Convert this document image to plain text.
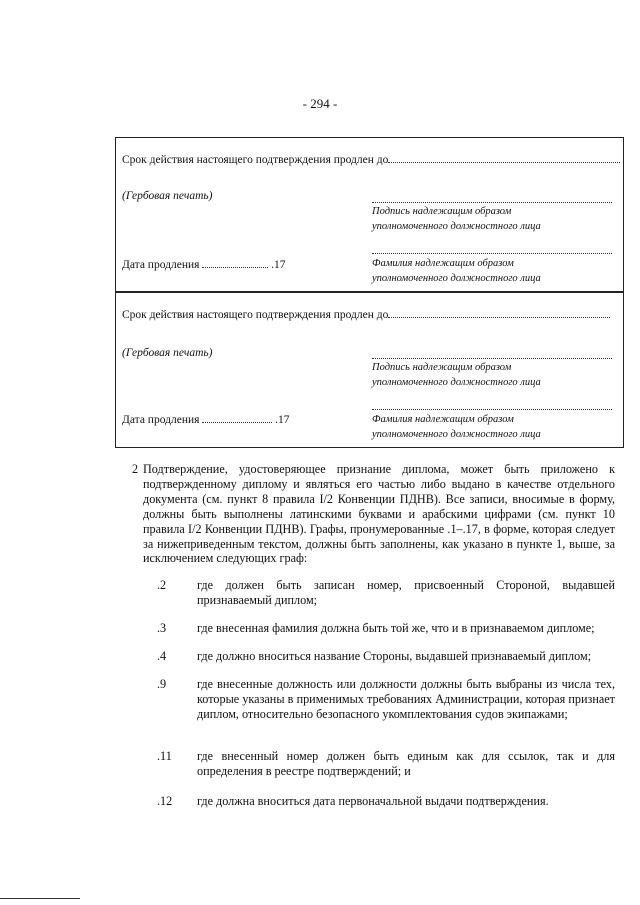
- 294 -
Срок действия настоящего подтверждения продлен до
(Гербовая печать)
Подпись надлежащим образом
уполномоченного должностного лица
Дата продления	.17	Фамилия надлежащим образом
уполномоченного должностного лица
Срок действия настоящего подтверждения продлен до
(Гербовая печать)
Подпись надлежащим образом
уполномоченного должностного лица
Дата продления	.17	Фамилия надлежащим образом
уполномоченного должностного лица
2 Подтверждение, удостоверяющее признание диплома, может быть приложено к подтвержденному диплому и являться его частью либо выдано в качестве отдельного документа (см. пункт 8 правила I/2 Конвенции ПДНВ). Все записи, вносимые в форму, должны быть выполнены латинскими буквами и арабскими цифрами (см. пункт 10 правила I/2 Конвенции ПДНВ). Графы, пронумерованные .1–.17, в форме, которая следует за нижеприведенным текстом, должны быть заполнены, как указано в пункте 1, выше, за исключением следующих граф:
.2	где должен быть записан номер, присвоенный Стороной, выдавшей признаваемый диплом;
.3	где внесенная фамилия должна быть той же, что и в признаваемом дипломе;
.4	где должно вноситься название Стороны, выдавшей признаваемый диплом;
.9	где внесенные должность или должности должны быть выбраны из числа тех, которые указаны в применимых требованиях Администрации, которая признает диплом, относительно безопасного укомплектования судов экипажами;
.11 где внесенный номер должен быть единым как для ссылок, так и для определения в реестре подтверждений; и
.12 где должна вноситься дата первоначальной выдачи подтверждения.
